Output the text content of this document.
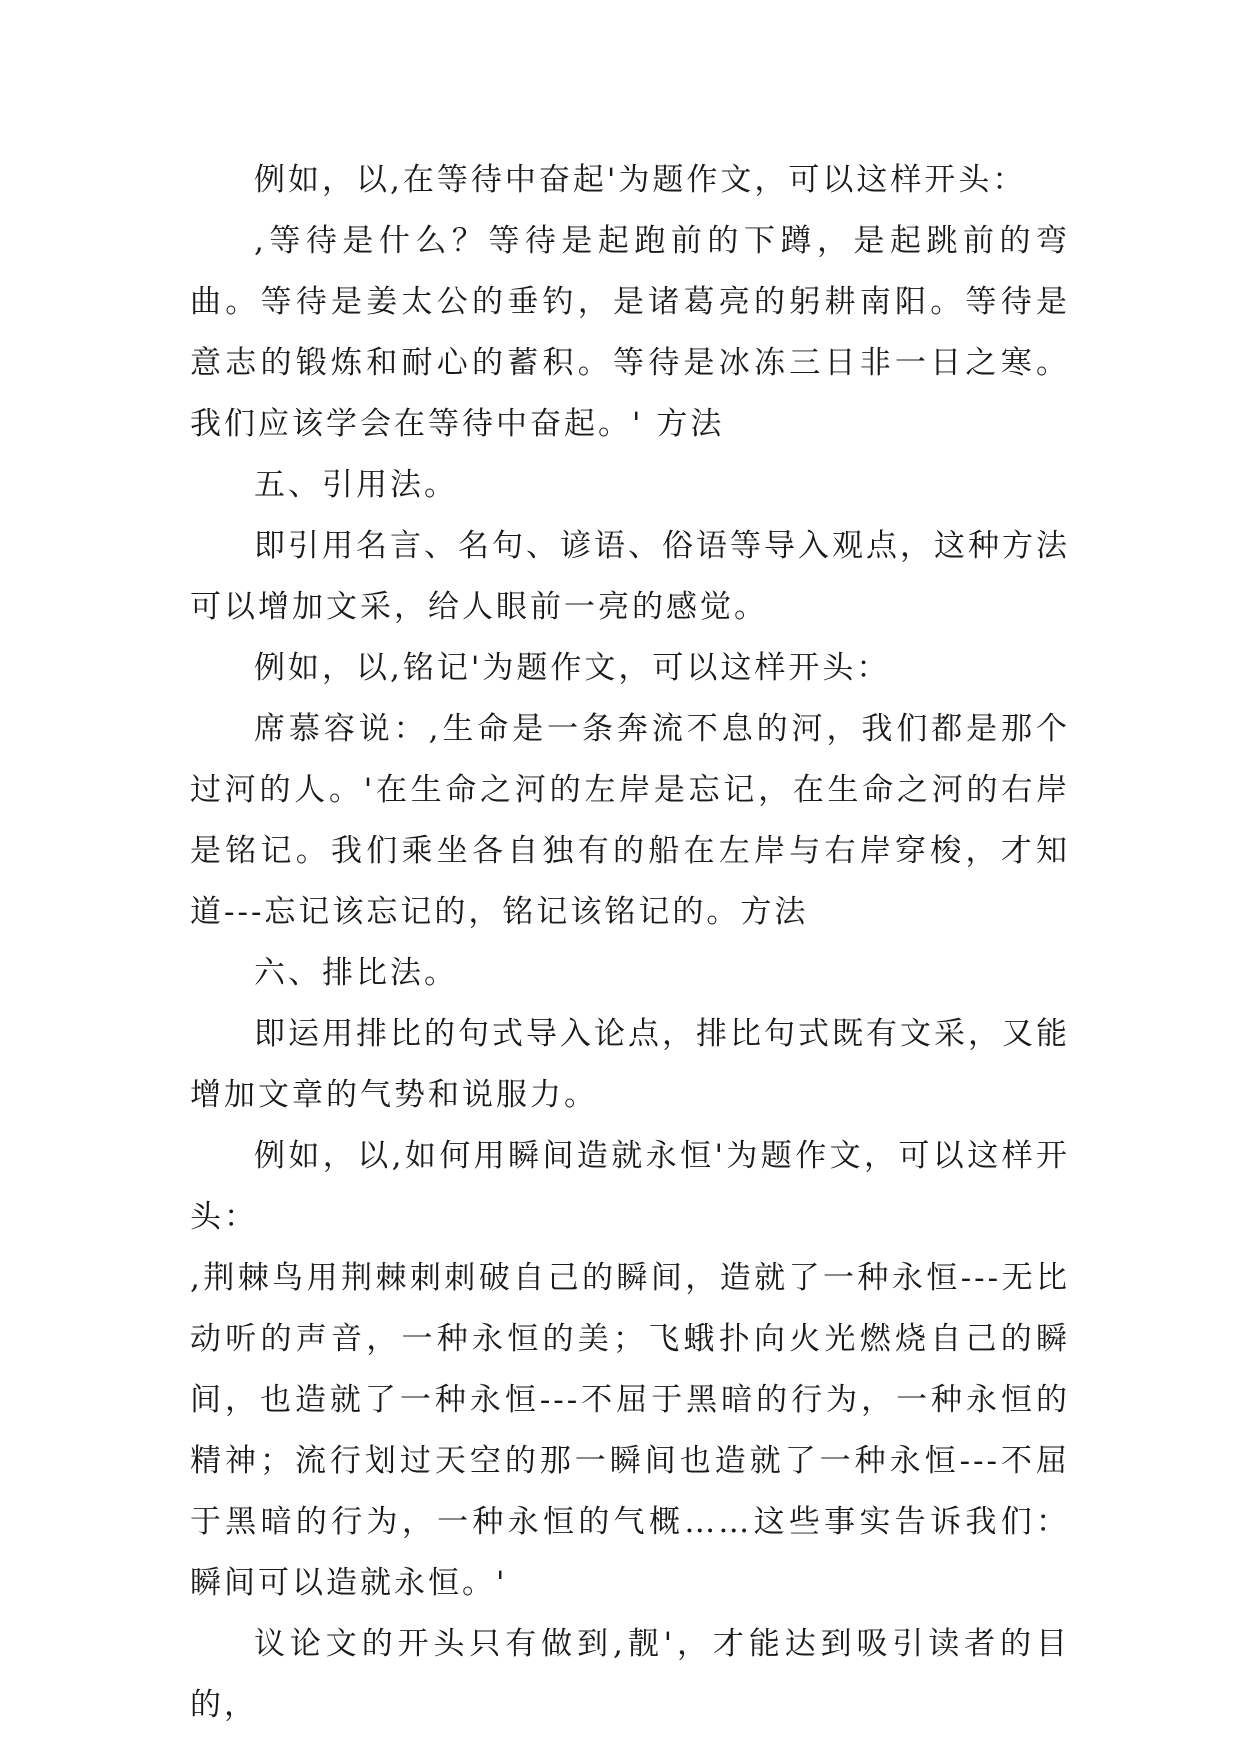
例如，以,在等待中奋起'为题作文，可以这样开头：

,等待是什么？等待是起跑前的下蹲，是起跳前的弯曲。等待是姜太公的垂钓，是诸葛亮的躬耕南阳。等待是意志的锻炼和耐心的蓄积。等待是冰冻三日非一日之寒。我们应该学会在等待中奋起。' 方法

五、引用法。

即引用名言、名句、谚语、俗语等导入观点，这种方法可以增加文采，给人眼前一亮的感觉。

例如，以,铭记'为题作文，可以这样开头：

席慕容说：,生命是一条奔流不息的河，我们都是那个过河的人。'在生命之河的左岸是忘记，在生命之河的右岸是铭记。我们乘坐各自独有的船在左岸与右岸穿梭，才知道---忘记该忘记的，铭记该铭记的。方法

六、排比法。

即运用排比的句式导入论点，排比句式既有文采，又能增加文章的气势和说服力。

例如，以,如何用瞬间造就永恒'为题作文，可以这样开头：

,荆棘鸟用荆棘刺刺破自己的瞬间，造就了一种永恒---无比动听的声音，一种永恒的美；飞蛾扑向火光燃烧自己的瞬间，也造就了一种永恒---不屈于黑暗的行为，一种永恒的精神；流行划过天空的那一瞬间也造就了一种永恒---不屈于黑暗的行为，一种永恒的气概……这些事实告诉我们：瞬间可以造就永恒。'

议论文的开头只有做到,靓'，才能达到吸引读者的目的，
